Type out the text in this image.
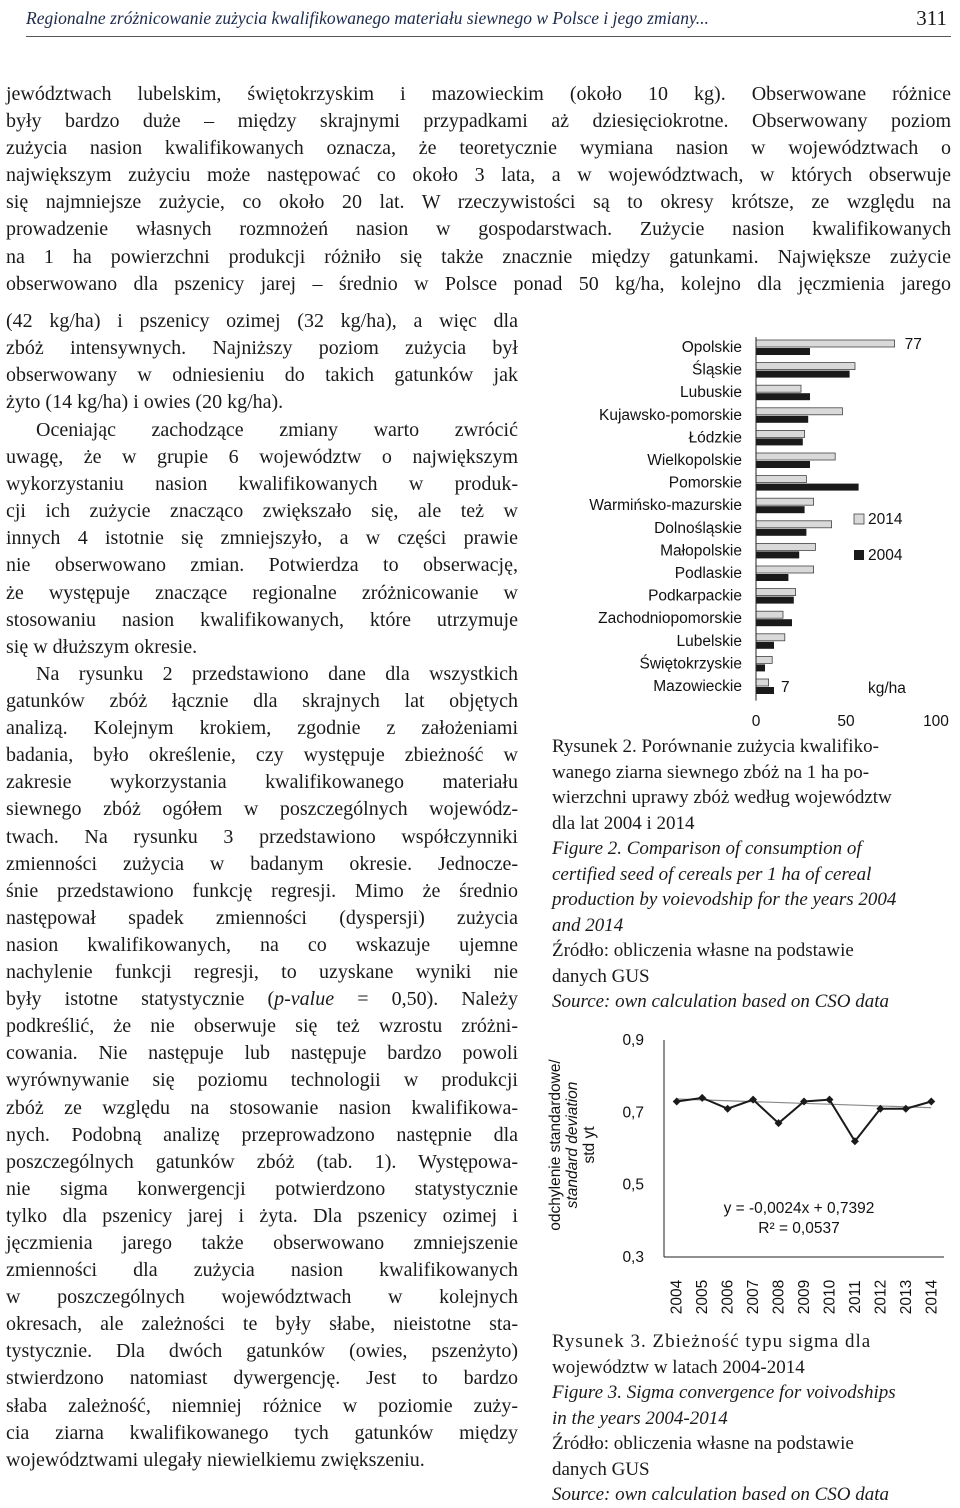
Regionalne zróżnicowanie zużycia kwalifikowanego materiału siewnego w Polsce i jego zmiany...	311
jewództwach lubelskim, świętokrzyskim i mazowieckim (około 10 kg). Obserwowane różnice
były bardzo duże – między skrajnymi przypadkami aż dziesięciokrotne. Obserwowany poziom
zużycia nasion kwalifikowanych oznacza, że teoretycznie wymiana nasion w województwach o
największym zużyciu może następować co około 3 lata, a w województwach, w których obserwuje
się najmniejsze zużycie, co około 20 lat. W rzeczywistości są to okresy krótsze, ze względu na
prowadzenie własnych rozmnożeń nasion w gospodarstwach. Zużycie nasion kwalifikowanych
na 1 ha powierzchni produkcji różniło się także znacznie między gatunkami. Największe zużycie
obserwowano dla pszenicy jarej – średnio w Polsce ponad 50 kg/ha, kolejno dla jęczmienia jarego
(42 kg/ha) i pszenicy ozimej (32 kg/ha), a więc dla
zbóż intensywnych. Najniższy poziom zużycia był
obserwowany w odniesieniu do takich gatunków jak
żyto (14 kg/ha) i owies (20 kg/ha).
Oceniając zachodzące zmiany warto zwrócić
uwagę, że w grupie 6 województw o największym
wykorzystaniu nasion kwalifikowanych w produk-
cji ich zużycie znacząco zwiększało się, ale też w
innych 4 istotnie się zmniejszyło, a w części prawie
nie obserwowano zmian. Potwierdza to obserwację,
że występuje znaczące regionalne zróżnicowanie w
stosowaniu nasion kwalifikowanych, które utrzymuje
się w dłuższym okresie.
Na rysunku 2 przedstawiono dane dla wszystkich
gatunków zbóż łącznie dla skrajnych lat objętych
analizą. Kolejnym krokiem, zgodnie z założeniami
badania, było określenie, czy występuje zbieżność w
zakresie wykorzystania kwalifikowanego materiału
siewnego zbóż ogółem w poszczególnych wojewódz-
twach. Na rysunku 3 przedstawiono współczynniki
zmienności zużycia w badanym okresie. Jednocze-
śnie przedstawiono funkcję regresji. Mimo że średnio
następował spadek zmienności (dyspersji) zużycia
nasion kwalifikowanych, na co wskazuje ujemne
nachylenie funkcji regresji, to uzyskane wyniki nie
były istotne statystycznie (p-value = 0,50). Należy
podkreślić, że nie obserwuje się też wzrostu zróżni-
cowania. Nie następuje lub następuje bardzo powoli
wyrównywanie się poziomu technologii w produkcji
zbóż ze względu na stosowanie nasion kwalifikowa-
nych. Podobną analizę przeprowadzono następnie dla
poszczególnych gatunków zbóż (tab. 1). Występowa-
nie sigma konwergencji potwierdzono statystycznie
tylko dla pszenicy jarej i żyta. Dla pszenicy ozimej i
jęczmienia jarego także obserwowano zmniejszenie
zmienności dla zużycia nasion kwalifikowanych
w poszczególnych województwach w kolejnych
okresach, ale zależności te były słabe, nieistotne sta-
tystycznie. Dla dwóch gatunków (owies, pszenżyto)
stwierdzono natomiast dywergencję. Jest to bardzo
słaba zależność, niemniej różnice w poziomie zuży-
cia ziarna kwalifikowanego tych gatunków między
województwami ulegały niewielkiemu zwiększeniu.
Opolskie
Śląskie
Lubuskie
Kujawsko-pomorskie
Łódzkie
Wielkopolskie
Pomorskie
Warmińsko-mazurskie
Dolnośląskie
Małopolskie
Podlaskie
Podkarpackie
Zachodniopomorskie
Lubelskie
Świętokrzyskie
Mazowieckie
0	50	100
77
7	kg/ha
2014
2004
Rysunek 2. Porównanie zużycia kwalifiko-
wanego ziarna siewnego zbóż na 1 ha po-
wierzchni uprawy zbóż według województw
dla lat 2004 i 2014
Figure 2. Comparison of consumption of
certified seed of cereals per 1 ha of cereal
production by voievodship for the years 2004
and 2014
Źródło: obliczenia własne na podstawie
danych GUS
Source: own calculation based on CSO data
odchylenie standardowe/ standard deviation std yt
0,3
0,5
0,7
0,9
2004 2005 2006 2007 2008 2009 2010 2011 2012 2013 2014
y = -0,0024x + 0,7392
R² = 0,0537
Rysunek 3. Zbieżność typu sigma dla
województw w latach 2004-2014
Figure 3. Sigma convergence for voivodships
in the years 2004-2014
Źródło: obliczenia własne na podstawie
danych GUS
Source: own calculation based on CSO data
